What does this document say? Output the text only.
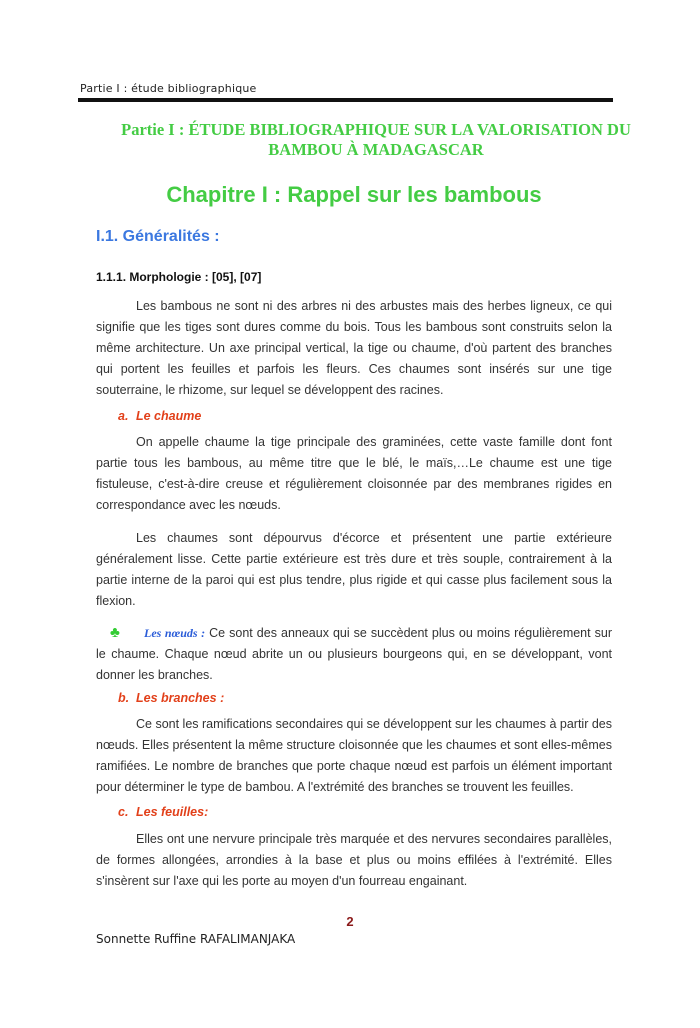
Partie I : étude bibliographique
Partie I : ÉTUDE BIBLIOGRAPHIQUE SUR LA VALORISATION DU BAMBOU À MADAGASCAR
Chapitre I : Rappel sur les bambous
I.1. Généralités :
1.1.1. Morphologie : [05], [07]
Les bambous ne sont ni des arbres ni des arbustes mais des herbes ligneux, ce qui signifie que les tiges sont dures comme du bois. Tous les bambous sont construits selon la même architecture. Un axe principal vertical, la tige ou chaume, d'où partent des branches qui portent les feuilles et parfois les fleurs. Ces chaumes sont insérés sur une tige souterraine, le rhizome, sur lequel se développent des racines.
a. Le chaume
On appelle chaume la tige principale des graminées, cette vaste famille dont font partie tous les bambous, au même titre que le blé, le maïs,…Le chaume est une tige fistuleuse, c'est-à-dire creuse et régulièrement cloisonnée par des membranes rigides en correspondance avec les nœuds.
Les chaumes sont dépourvus d'écorce et présentent une partie extérieure généralement lisse. Cette partie extérieure est très dure et très souple, contrairement à la partie interne de la paroi qui est plus tendre, plus rigide et qui casse plus facilement sous la flexion.
♣ Les nœuds : Ce sont des anneaux qui se succèdent plus ou moins régulièrement sur le chaume. Chaque nœud abrite un ou plusieurs bourgeons qui, en se développant, vont donner les branches.
b. Les branches :
Ce sont les ramifications secondaires qui se développent sur les chaumes à partir des nœuds. Elles présentent la même structure cloisonnée que les chaumes et sont elles-mêmes ramifiées. Le nombre de branches que porte chaque nœud est parfois un élément important pour déterminer le type de bambou. A l'extrémité des branches se trouvent les feuilles.
c. Les feuilles:
Elles ont une nervure principale très marquée et des nervures secondaires parallèles, de formes allongées, arrondies à la base et plus ou moins effilées à l'extrémité. Elles s'insèrent sur l'axe qui les porte au moyen d'un fourreau engainant.
2
Sonnette Ruffine RAFALIMANJAKA
